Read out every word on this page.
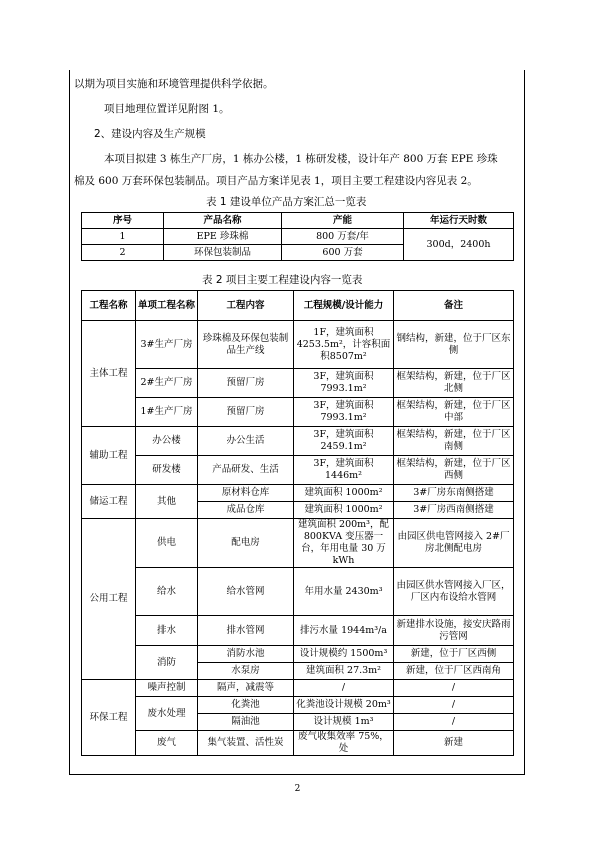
以期为项目实施和环境管理提供科学依据。
项目地理位置详见附图 1。
2、建设内容及生产规模
本项目拟建 3 栋生产厂房，1 栋办公楼，1 栋研发楼，设计年产 800 万套 EPE 珍珠
棉及 600 万套环保包装制品。项目产品方案详见表 1，项目主要工程建设内容见表 2。
表 1 建设单位产品方案汇总一览表
序号	产品名称	产能	年运行天时数
1	EPE 珍珠棉	800 万套/年	300d，2400h
2	环保包装制品	600 万套	
表 2 项目主要工程建设内容一览表
工程名称	单项工程名称	工程内容	工程规模/设计能力	备注
主体工程	3#生产厂房	珍珠棉及环保包装制品生产线	1F，建筑面积4253.5m²，计容积面积8507m²	钢结构，新建，位于厂区东侧
	2#生产厂房	预留厂房	3F，建筑面积 7993.1m²	框架结构，新建，位于厂区北侧
	1#生产厂房	预留厂房	3F，建筑面积 7993.1m²	框架结构，新建，位于厂区中部
辅助工程	办公楼	办公生活	3F，建筑面积 2459.1m²	框架结构，新建，位于厂区南侧
	研发楼	产品研发、生活	3F，建筑面积 1446m²	框架结构，新建，位于厂区西侧
储运工程	其他	原材料仓库	建筑面积 1000m²	3#厂房东南侧搭建
		成品仓库	建筑面积 1000m²	3#厂房西南侧搭建
公用工程	供电	配电房	建筑面积 200m³，配800KVA 变压器一台，年用电量 30 万 kWh	由园区供电管网接入 2#厂房北侧配电房
	给水	给水管网	年用水量 2430m³	由园区供水管网接入厂区，厂区内布设给水管网
	排水	排水管网	排污水量 1944m³/a	新建排水设施，接安庆路雨污管网
	消防	消防水池	设计规模约 1500m³	新建，位于厂区西侧
		水泵房	建筑面积 27.3m²	新建，位于厂区西南角
环保工程	噪声控制	隔声，减震等	/	/
	废水处理	化粪池	化粪池设计规模 20m³	/
		隔油池	设计规模 1m³	/
	废气	集气装置、活性炭	废气收集效率 75%，处	新建
2
